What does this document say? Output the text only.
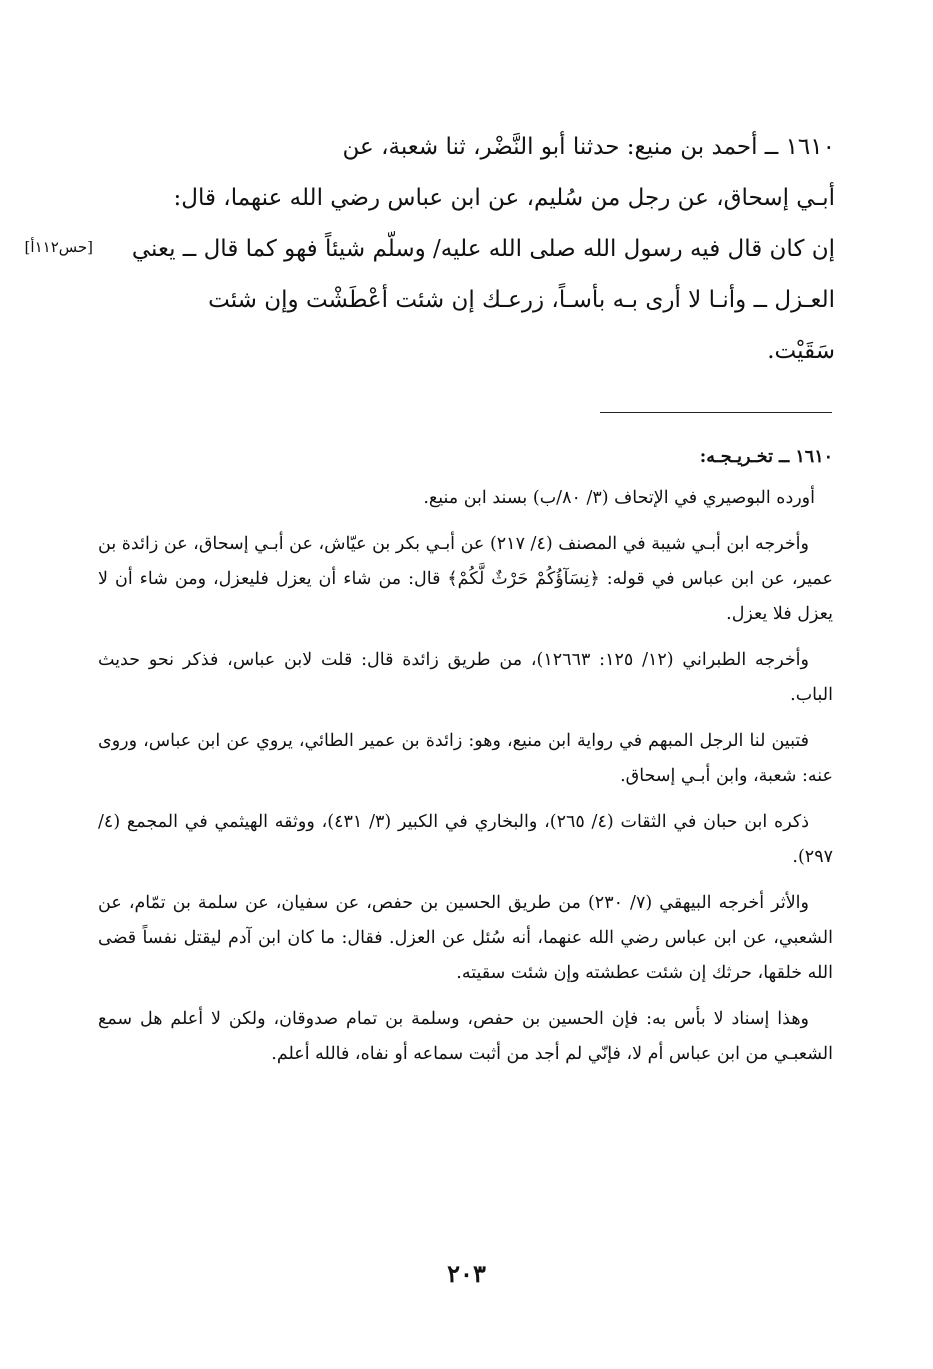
١٦١٠ ــ أحمد بن منيع: حدثنا أبو النَّضْر، ثنا شعبة، عن
أبـي إسحاق، عن رجل من سُليم، عن ابن عباس رضي الله عنهما، قال:
إن كان قال فيه رسول الله صلى الله عليه/ وسلّم شيئاً فهو كما قال ــ يعني
العـزل ــ وأنـا لا أرى بـه بأسـاً، زرعـك إن شئت أعْطَشْت وإن شئت
سَقَيْت.
[حس١١٢أ]
١٦١٠ ــ تخـريـجـه:

أورده البوصيري في الإتحاف (٣/ ٨٠/ب) بسند ابن منيع.

وأخرجه ابن أبـي شيبة في المصنف (٤/ ٢١٧) عن أبـي بكر بن عيّاش، عن أبـي إسحاق، عن زائدة بن عمير، عن ابن عباس في قوله: ﴿نِسَآؤُكُمْ حَرْثٌ لَّكُمْ﴾ قال: من شاء أن يعزل فليعزل، ومن شاء أن لا يعزل فلا يعزل.

وأخرجه الطبراني (١٢/ ١٢٥: ١٢٦٦٣)، من طريق زائدة قال: قلت لابن عباس، فذكر نحو حديث الباب.

فتبين لنا الرجل المبهم في رواية ابن منيع، وهو: زائدة بن عمير الطائي، يروي عن ابن عباس، وروى عنه: شعبة، وابن أبـي إسحاق.

ذكره ابن حبان في الثقات (٤/ ٢٦٥)، والبخاري في الكبير (٣/ ٤٣١)، ووثقه الهيثمي في المجمع (٤/ ٢٩٧).

والأثر أخرجه البيهقي (٧/ ٢٣٠) من طريق الحسين بن حفص، عن سفيان، عن سلمة بن تمّام، عن الشعبي، عن ابن عباس رضي الله عنهما، أنه سُئل عن العزل. فقال: ما كان ابن آدم ليقتل نفساً قضى الله خلقها، حرثك إن شئت عطشته وإن شئت سقيته.

وهذا إسناد لا بأس به: فإن الحسين بن حفص، وسلمة بن تمام صدوقان، ولكن لا أعلم هل سمع الشعبـي من ابن عباس أم لا، فإنّي لم أجد من أثبت سماعه أو نفاه، فالله أعلم.

٢٠٣
